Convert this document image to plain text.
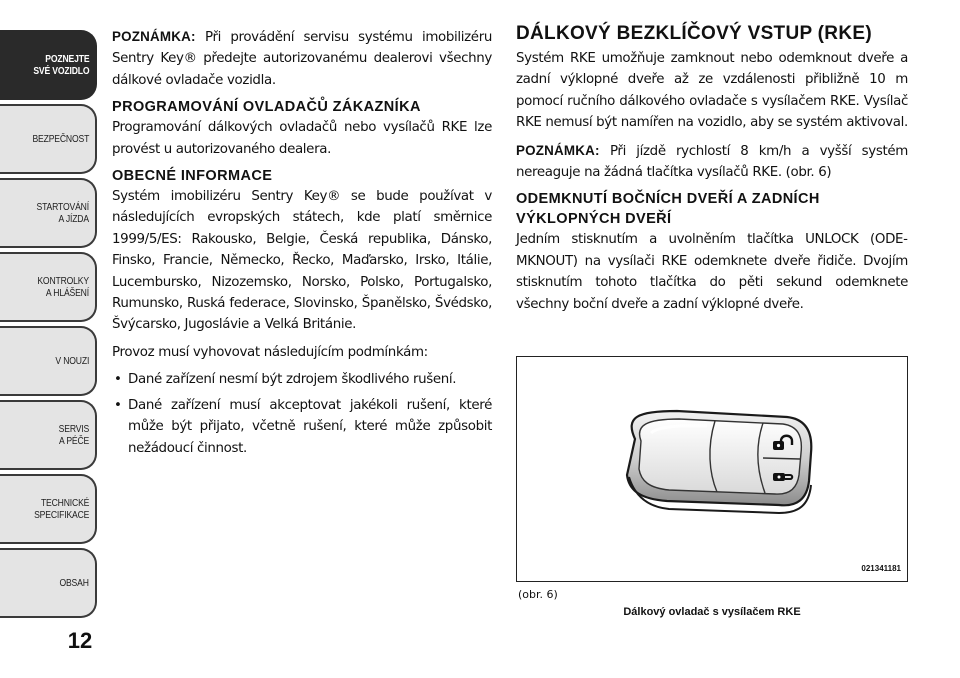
POZNEJTE
SVÉ VOZIDLO
BEZPEČNOST
STARTOVÁNÍ
A JÍZDA
KONTROLKY
A HLÁŠENÍ
V NOUZI
SERVIS
A PÉČE
TECHNICKÉ
SPECIFIKACE
OBSAH
12

POZNÁMKA: Při provádění servisu systému imobilizéru Sentry Key® předejte autorizovanému dealerovi všechny dálkové ovladače vozidla.

PROGRAMOVÁNÍ OVLADAČŮ ZÁKAZNÍKA

Programování dálkových ovladačů nebo vysílačů RKE lze provést u autorizovaného dealera.

OBECNÉ INFORMACE

Systém imobilizéru Sentry Key® se bude používat v následujících evropských státech, kde platí směrnice 1999/5/ES: Rakousko, Belgie, Česká republika, Dánsko, Finsko, Francie, Německo, Řecko, Maďarsko, Irsko, Itálie, Lucembursko, Nizozemsko, Norsko, Polsko, Portugalsko, Rumunsko, Ruská federace, Slovinsko, Španělsko, Švédsko, Švýcarsko, Jugoslávie a Velká Británie.

Provoz musí vyhovovat následujícím podmínkám:

• Dané zařízení nesmí být zdrojem škodlivého rušení.
• Dané zařízení musí akceptovat jakékoli rušení, které může být přijato, včetně rušení, které může způsobit nežádoucí činnost.
DÁLKOVÝ BEZKLÍČOVÝ VSTUP (RKE)

Systém RKE umožňuje zamknout nebo odemknout dveře a zadní výklopné dveře až ze vzdálenosti přibližně 10 m pomocí ručního dálkového ovladače s vysílačem RKE. Vysílač RKE nemusí být namířen na vozidlo, aby se systém aktivoval.

POZNÁMKA: Při jízdě rychlostí 8 km/h a vyšší systém nereaguje na žádná tlačítka vysílačů RKE. (obr. 6)

ODEMKNUTÍ BOČNÍCH DVEŘÍ A ZADNÍCH VÝKLOPNÝCH DVEŘÍ

Jedním stisknutím a uvolněním tlačítka UNLOCK (ODEMKNOUT) na vysílači RKE odemknete dveře řidiče. Dvojím stisknutím tohoto tlačítka do pěti sekund odemknete všechny boční dveře a zadní výklopné dveře.

021341181
(obr. 6)
Dálkový ovladač s vysílačem RKE
